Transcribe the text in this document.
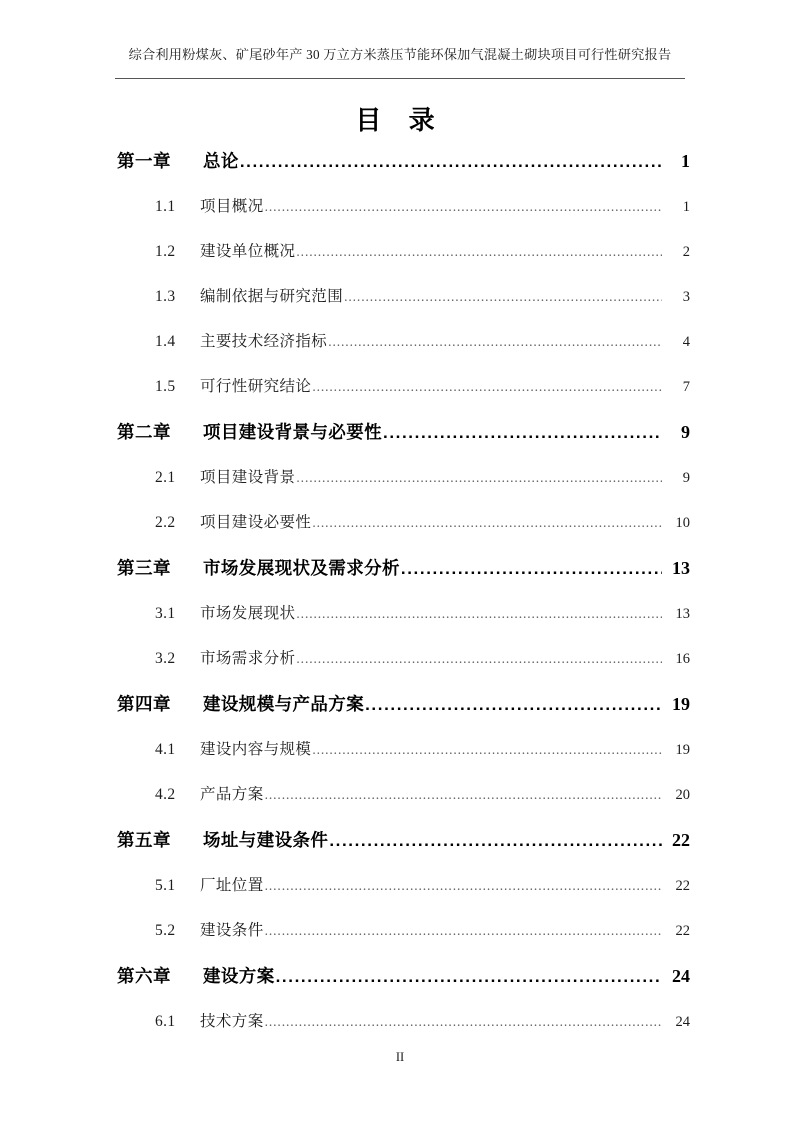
综合利用粉煤灰、矿尾砂年产 30 万立方米蒸压节能环保加气混凝土砌块项目可行性研究报告
目 录
第一章	总论 .....	1
1.1	项目概况 .....	1
1.2	建设单位概况 .....	2
1.3	编制依据与研究范围 .....	3
1.4	主要技术经济指标 .....	4
1.5	可行性研究结论 .....	7
第二章	项目建设背景与必要性 .....	9
2.1	项目建设背景 .....	9
2.2	项目建设必要性 .....	10
第三章	市场发展现状及需求分析 .....	13
3.1	市场发展现状 .....	13
3.2	市场需求分析 .....	16
第四章	建设规模与产品方案 .....	19
4.1	建设内容与规模 .....	19
4.2	产品方案 .....	20
第五章	场址与建设条件 .....	22
5.1	厂址位置 .....	22
5.2	建设条件 .....	22
第六章	建设方案 .....	24
6.1	技术方案 .....	24
II
